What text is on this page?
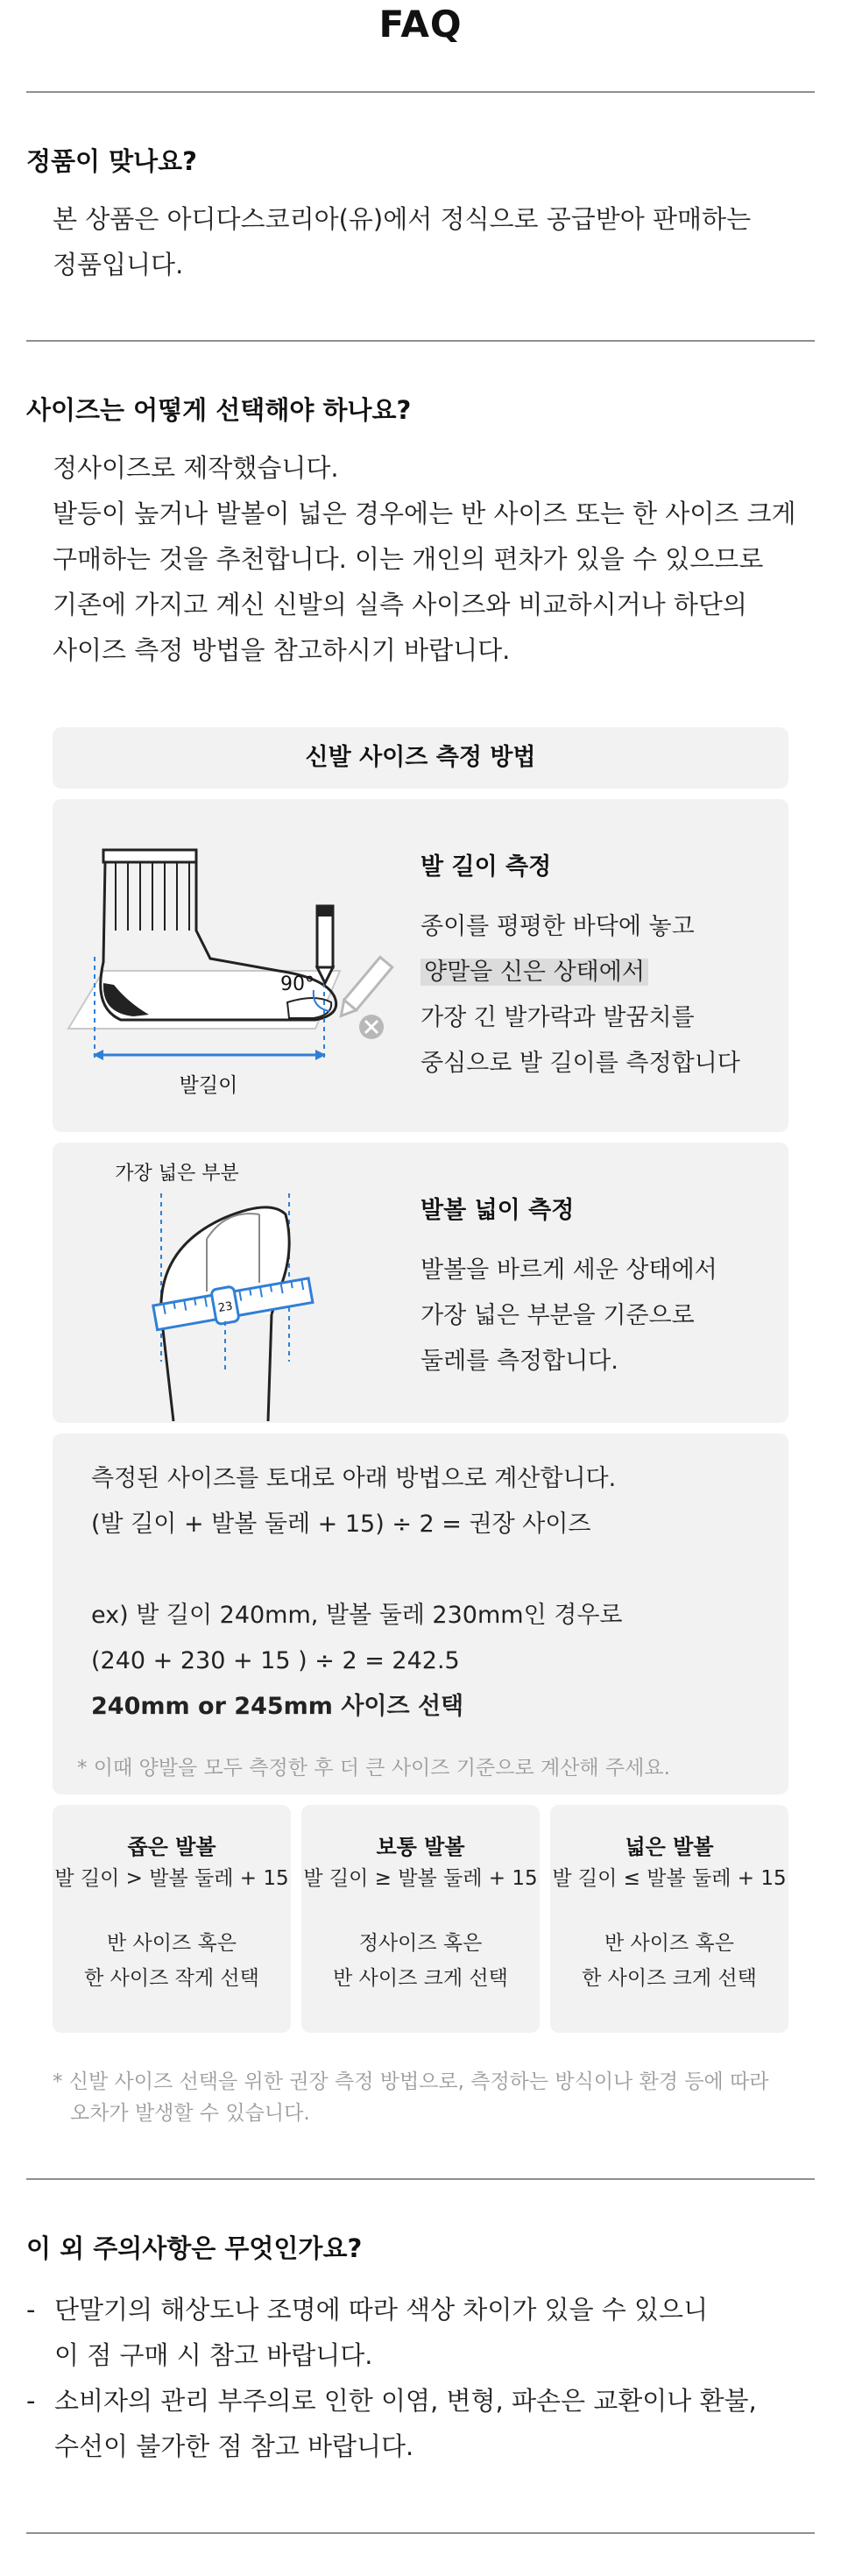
FAQ
정품이 맞나요?

본 상품은 아디다스코리아(유)에서 정식으로 공급받아 판매하는

정품입니다.

사이즈는 어떻게 선택해야 하나요?

정사이즈로 제작했습니다.

발등이 높거나 발볼이 넓은 경우에는 반 사이즈 또는 한 사이즈 크게

구매하는 것을 추천합니다. 이는 개인의 편차가 있을 수 있으므로

기존에 가지고 계신 신발의 실측 사이즈와 비교하시거나 하단의

사이즈 측정 방법을 참고하시기 바랍니다.

신발 사이즈 측정 방법
발길이
90°
발 길이 측정
종이를 평평한 바닥에 놓고
양말을 신은 상태에서
가장 긴 발가락과 발꿈치를
중심으로 발 길이를 측정합니다
가장 넓은 부분
23
발볼 넓이 측정
발볼을 바르게 세운 상태에서
가장 넓은 부분을 기준으로
둘레를 측정합니다.
측정된 사이즈를 토대로 아래 방법으로 계산합니다.
(발 길이 + 발볼 둘레 + 15) ÷ 2 = 권장 사이즈
ex) 발 길이 240mm, 발볼 둘레 230mm인 경우로
(240 + 230 + 15 ) ÷ 2 = 242.5
240mm or 245mm 사이즈 선택
* 이때 양발을 모두 측정한 후 더 큰 사이즈 기준으로 계산해 주세요.
좁은 발볼
발 길이 > 발볼 둘레 + 15
반 사이즈 혹은
한 사이즈 작게 선택
보통 발볼
발 길이 ≥ 발볼 둘레 + 15
정사이즈 혹은
반 사이즈 크게 선택
넓은 발볼
발 길이 ≤ 발볼 둘레 + 15
반 사이즈 혹은
한 사이즈 크게 선택
* 신발 사이즈 선택을 위한 권장 측정 방법으로, 측정하는 방식이나 환경 등에 따라
오차가 발생할 수 있습니다.
이 외 주의사항은 무엇인가요?
- 단말기의 해상도나 조명에 따라 색상 차이가 있을 수 있으니
이 점 구매 시 참고 바랍니다.
- 소비자의 관리 부주의로 인한 이염, 변형, 파손은 교환이나 환불,
수선이 불가한 점 참고 바랍니다.
